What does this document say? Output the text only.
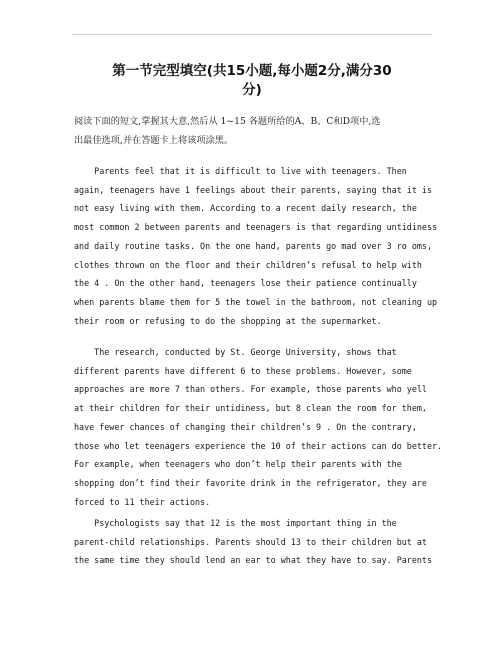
第一节完型填空(共15小题,每小题2分,满分30
分)
阅读下面的短文,掌握其大意,然后从 1~15 各题所给的A、B、C和D项中,选
出最佳选项,并在答题卡上将该项涂黑。
Parents feel that it is difficult to live with teenagers. Then
again, teenagers have 1 feelings about their parents, saying that it is
not easy living with them. According to a recent daily research, the
most common 2 between parents and teenagers is that regarding untidiness
and daily routine tasks. On the one hand, parents go mad over 3 ro oms,
clothes thrown on the floor and their children’s refusal to help with
the 4 . On the other hand, teenagers lose their patience continually
when parents blame them for 5 the towel in the bathroom, not cleaning up
their room or refusing to do the shopping at the supermarket.
The research, conducted by St. George University, shows that
different parents have different 6 to these problems. However, some
approaches are more 7 than others. For example, those parents who yell
at their children for their untidiness, but 8 clean the room for them,
have fewer chances of changing their children’s 9 . On the contrary,
those who let teenagers experience the 10 of their actions can do better.
For example, when teenagers who don’t help their parents with the
shopping don’t find their favorite drink in the refrigerator, they are
forced to 11 their actions.
Psychologists say that 12 is the most important thing in the
parent-child relationships. Parents should 13 to their children but at
the same time they should lend an ear to what they have to say. Parents
